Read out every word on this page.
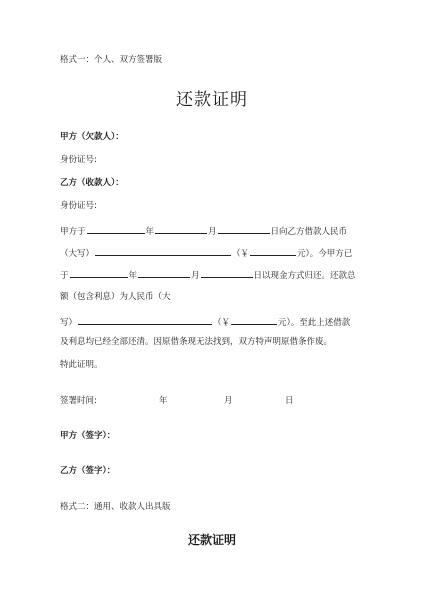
格式一：个人、双方签署版
还款证明
甲方（欠款人）：
身份证号:
乙方（收款人）：
身份证号:
甲方于	年	月	日向乙方借款人民币
（大写）	（￥	元）。今甲方已
于	年	月	日以现金方式归还。还款总
额（包含利息）为人民币（大
写）	（￥	元）。至此上述借款
及利息均已经全部还清。因原借条现无法找到，双方特声明原借条作废。
特此证明。
签署时间:	年	月	日
甲方（签字）：
乙方（签字）：
格式二：通用、收款人出具版
还款证明
